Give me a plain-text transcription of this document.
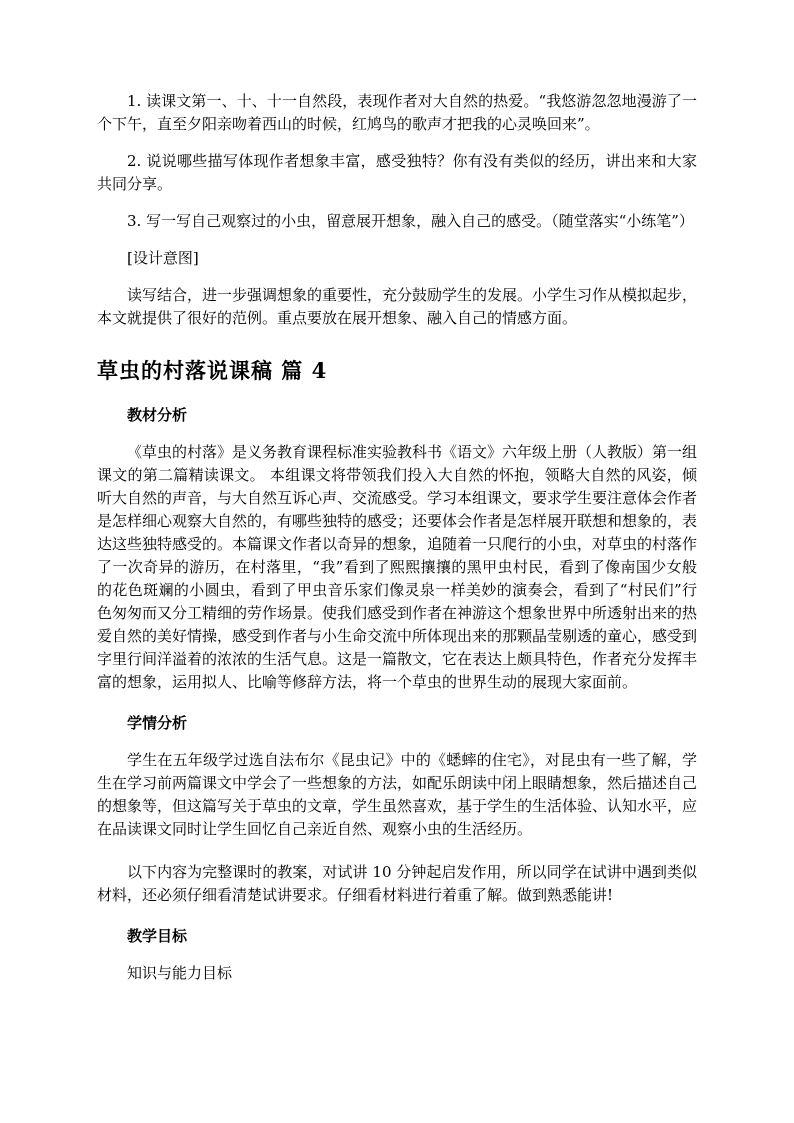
1. 读课文第一、十、十一自然段，表现作者对大自然的热爱。“我悠游忽忽地漫游了一个下午，直至夕阳亲吻着西山的时候，红鸠鸟的歌声才把我的心灵唤回来”。

2. 说说哪些描写体现作者想象丰富，感受独特？你有没有类似的经历，讲出来和大家共同分享。

3. 写一写自己观察过的小虫，留意展开想象，融入自己的感受。（随堂落实“小练笔”）

[设计意图]

读写结合，进一步强调想象的重要性，充分鼓励学生的发展。小学生习作从模拟起步，本文就提供了很好的范例。重点要放在展开想象、融入自己的情感方面。

草虫的村落说课稿 篇 4
教材分析

《草虫的村落》是义务教育课程标准实验教科书《语文》六年级上册（人教版）第一组课文的第二篇精读课文。 本组课文将带领我们投入大自然的怀抱，领略大自然的风姿，倾听大自然的声音，与大自然互诉心声、交流感受。学习本组课文，要求学生要注意体会作者是怎样细心观察大自然的，有哪些独特的感受；还要体会作者是怎样展开联想和想象的，表达这些独特感受的。本篇课文作者以奇异的想象，追随着一只爬行的小虫，对草虫的村落作了一次奇异的游历，在村落里，“我”看到了熙熙攘攘的黑甲虫村民，看到了像南国少女般的花色斑斓的小圆虫，看到了甲虫音乐家们像灵泉一样美妙的演奏会，看到了“村民们”行色匆匆而又分工精细的劳作场景。使我们感受到作者在神游这个想象世界中所透射出来的热爱自然的美好情操，感受到作者与小生命交流中所体现出来的那颗晶莹剔透的童心，感受到字里行间洋溢着的浓浓的生活气息。这是一篇散文，它在表达上颇具特色，作者充分发挥丰富的想象，运用拟人、比喻等修辞方法，将一个草虫的世界生动的展现大家面前。

学情分析

学生在五年级学过选自法布尔《昆虫记》中的《蟋蟀的住宅》，对昆虫有一些了解，学生在学习前两篇课文中学会了一些想象的方法，如配乐朗读中闭上眼睛想象，然后描述自己的想象等，但这篇写关于草虫的文章，学生虽然喜欢，基于学生的生活体验、认知水平，应在品读课文同时让学生回忆自己亲近自然、观察小虫的生活经历。

以下内容为完整课时的教案，对试讲 10 分钟起启发作用，所以同学在试讲中遇到类似材料，还必须仔细看清楚试讲要求。仔细看材料进行着重了解。做到熟悉能讲!

教学目标

知识与能力目标
